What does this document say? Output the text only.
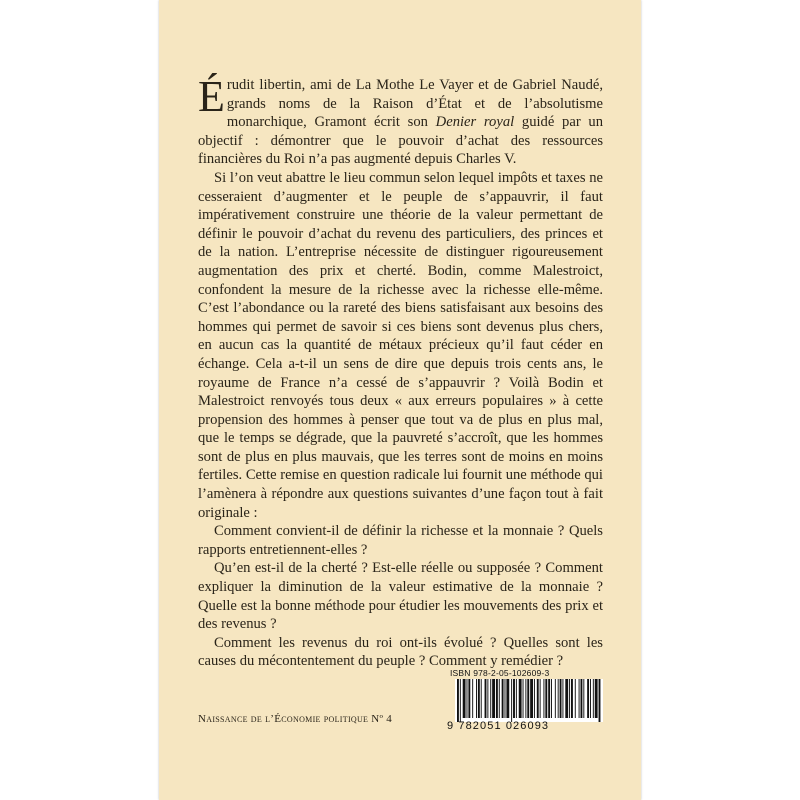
Érudit libertin, ami de La Mothe Le Vayer et de Gabriel Naudé, grands noms de la Raison d’État et de l’absolutisme monarchique, Gramont écrit son Denier royal guidé par un objectif : démontrer que le pouvoir d’achat des ressources financières du Roi n’a pas augmenté depuis Charles V.

Si l’on veut abattre le lieu commun selon lequel impôts et taxes ne cesseraient d’augmenter et le peuple de s’appauvrir, il faut impérativement construire une théorie de la valeur permettant de définir le pouvoir d’achat du revenu des particuliers, des princes et de la nation. L’entreprise nécessite de distinguer rigoureusement augmentation des prix et cherté. Bodin, comme Malestroict, confondent la mesure de la richesse avec la richesse elle-même. C’est l’abondance ou la rareté des biens satisfaisant aux besoins des hommes qui permet de savoir si ces biens sont devenus plus chers, en aucun cas la quantité de métaux précieux qu’il faut céder en échange. Cela a-t-il un sens de dire que depuis trois cents ans, le royaume de France n’a cessé de s’appauvrir ? Voilà Bodin et Malestroict renvoyés tous deux « aux erreurs populaires » à cette propension des hommes à penser que tout va de plus en plus mal, que le temps se dégrade, que la pauvreté s’accroît, que les hommes sont de plus en plus mauvais, que les terres sont de moins en moins fertiles. Cette remise en question radicale lui fournit une méthode qui l’amènera à répondre aux questions suivantes d’une façon tout à fait originale :

Comment convient-il de définir la richesse et la monnaie ? Quels rapports entretiennent-elles ?

Qu’en est-il de la cherté ? Est-elle réelle ou supposée ? Comment expliquer la diminution de la valeur estimative de la monnaie ? Quelle est la bonne méthode pour étudier les mouvements des prix et des revenus ?

Comment les revenus du roi ont-ils évolué ? Quelles sont les causes du mécontentement du peuple ? Comment y remédier ?

Naissance de l’Économie politique Nº 4
ISBN 978-2-05-102609-3
9 782051 026093
